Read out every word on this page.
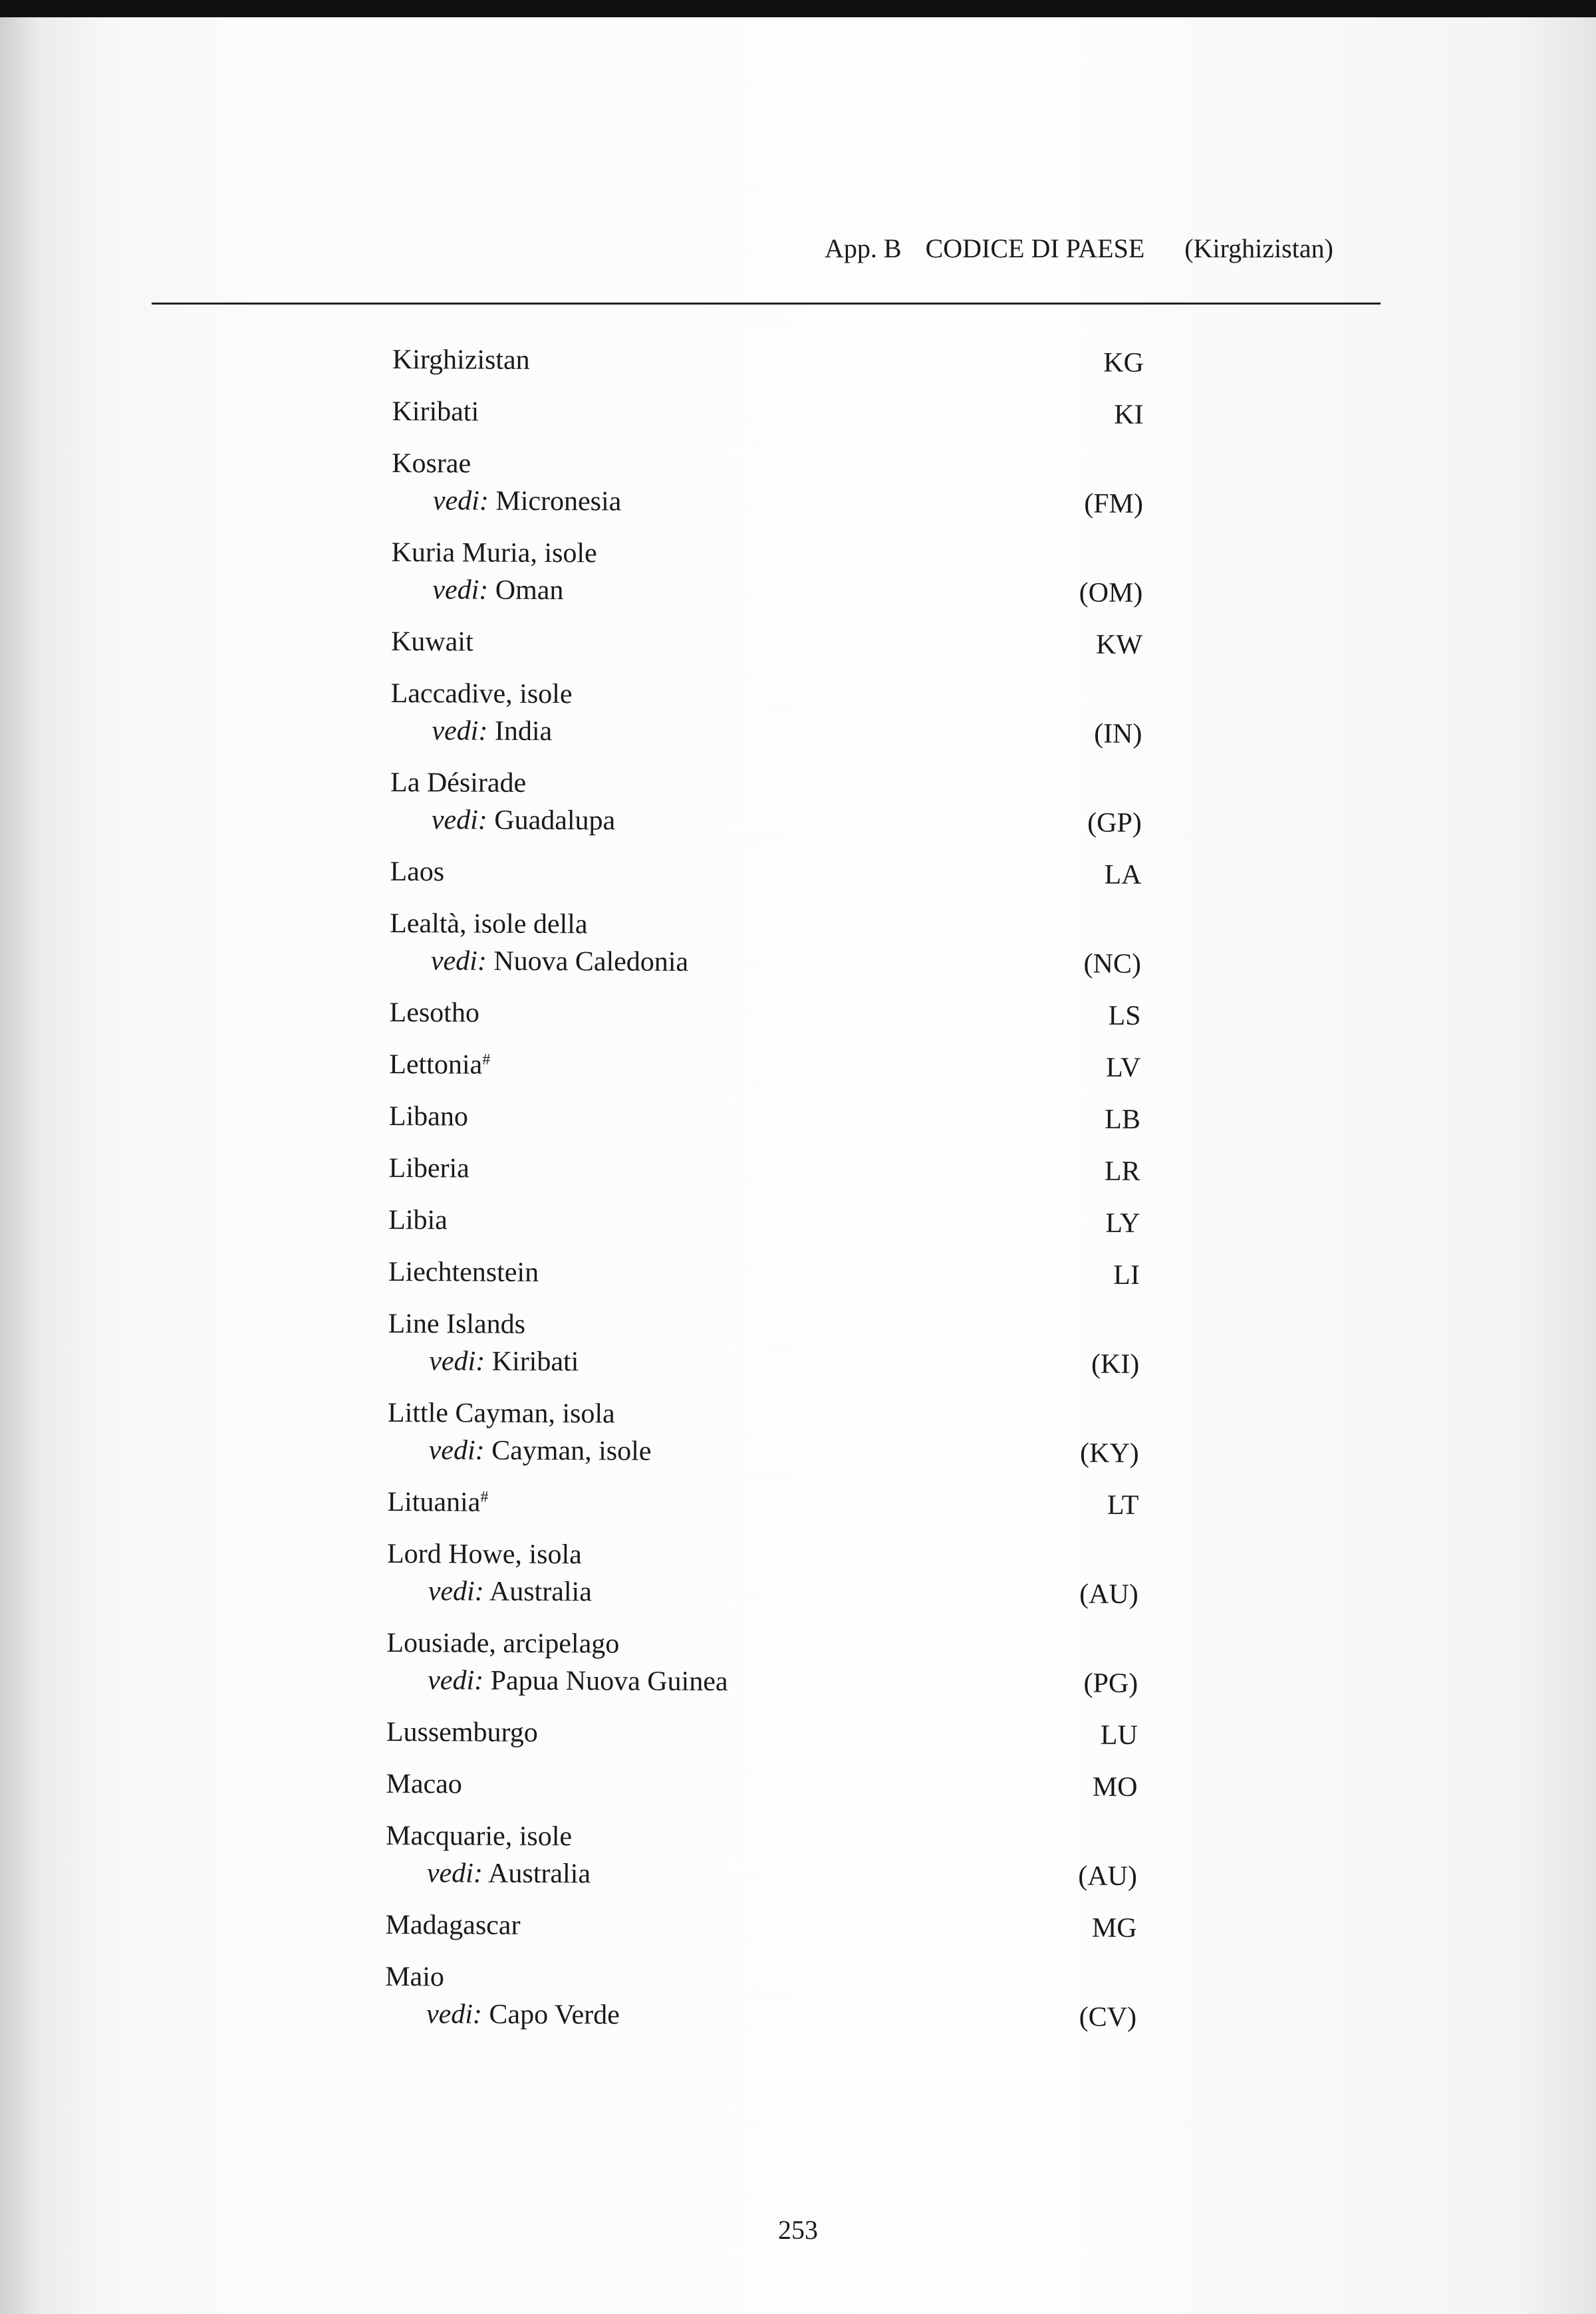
App. B CODICE DI PAESE (Kirghizistan)
Kirghizistan	KG
Kiribati	KI
Kosrae
vedi: Micronesia	(FM)
Kuria Muria, isole
vedi: Oman	(OM)
Kuwait	KW
Laccadive, isole
vedi: India	(IN)
La Désirade
vedi: Guadalupa	(GP)
Laos	LA
Lealtà, isole della
vedi: Nuova Caledonia	(NC)
Lesotho	LS
Lettonia#	LV
Libano	LB
Liberia	LR
Libia	LY
Liechtenstein	LI
Line Islands
vedi: Kiribati	(KI)
Little Cayman, isola
vedi: Cayman, isole	(KY)
Lituania#	LT
Lord Howe, isola
vedi: Australia	(AU)
Lousiade, arcipelago
vedi: Papua Nuova Guinea	(PG)
Lussemburgo	LU
Macao	MO
Macquarie, isole
vedi: Australia	(AU)
Madagascar	MG
Maio
vedi: Capo Verde	(CV)
253
